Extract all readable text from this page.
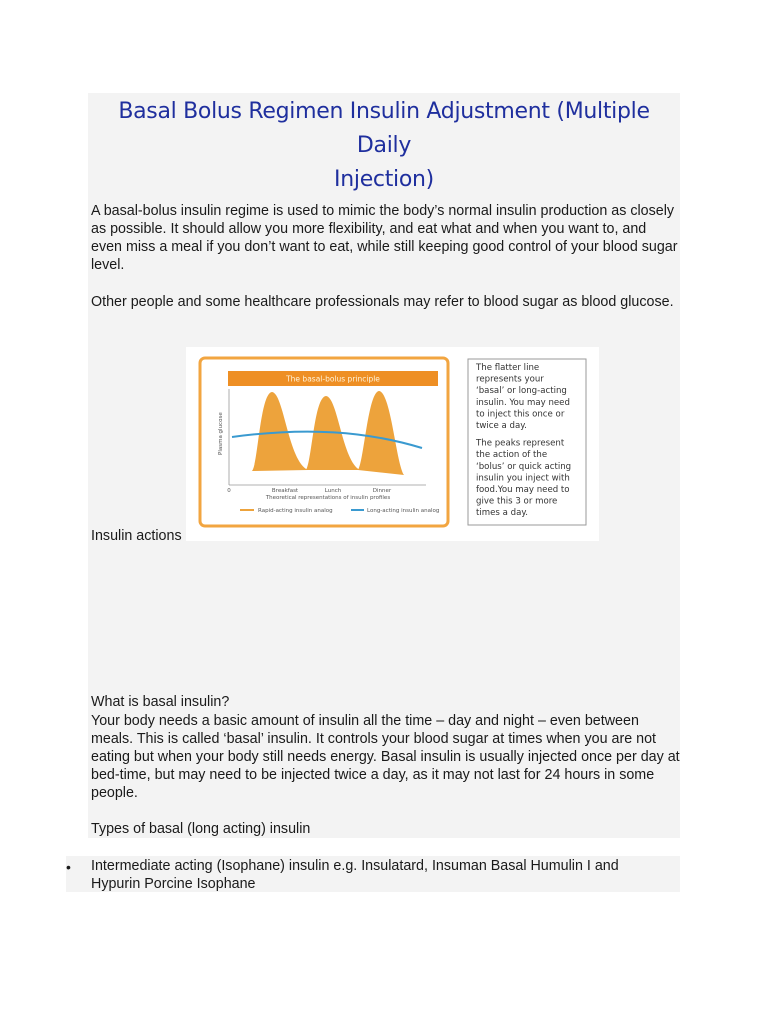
Basal Bolus Regimen Insulin Adjustment (Multiple Daily
Injection)

A basal-bolus insulin regime is used to mimic the body’s normal insulin production as closely as possible. It should allow you more flexibility, and eat what and when you want to, and even miss a meal if you don’t want to eat, while still keeping good control of your blood sugar level.

Other people and some healthcare professionals may refer to blood sugar as blood glucose.

The basal-bolus principle
Plasma glucose
0	Breakfast	Lunch	Dinner
Theoretical representations of insulin profiles
Rapid-acting insulin analog	Long-acting insulin analog
The flatter line
represents your
‘basal’ or long-acting
insulin. You may need
to inject this once or
twice a day.
The peaks represent
the action of the
‘bolus’ or quick acting
insulin you inject with
food.You may need to
give this 3 or more
times a day.
Insulin actions

What is basal insulin?

Your body needs a basic amount of insulin all the time – day and night – even between meals. This is called ‘basal’ insulin. It controls your blood sugar at times when you are not eating but when your body still needs energy. Basal insulin is usually injected once per day at bed-time, but may need to be injected twice a day, as it may not last for 24 hours in some people.

Types of basal (long acting) insulin

• Intermediate acting (Isophane) insulin e.g. Insulatard, Insuman Basal Humulin I and Hypurin Porcine Isophane
